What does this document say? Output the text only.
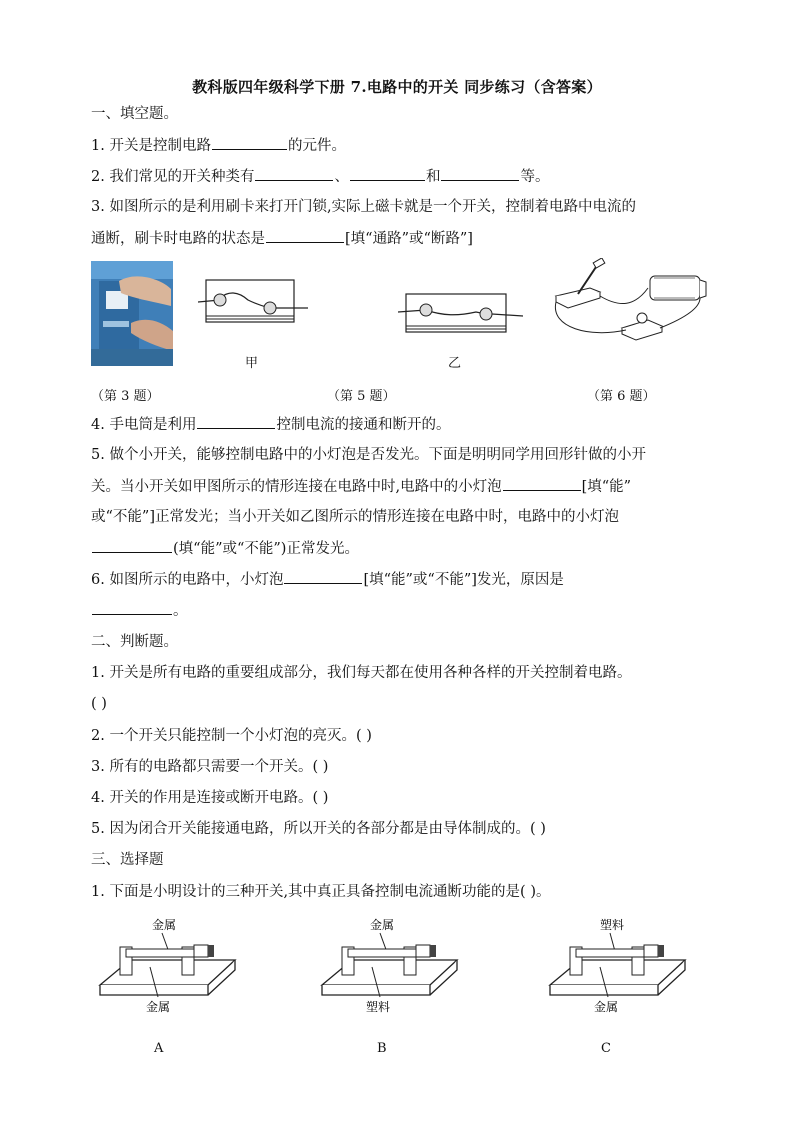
教科版四年级科学下册 7.电路中的开关 同步练习（含答案）
一、填空题。
1. 开关是控制电路	的元件。
2. 我们常见的开关种类有	、	和	等。
3. 如图所示的是利用刷卡来打开门锁,实际上磁卡就是一个开关，控制着电路中电流的
通断，刷卡时电路的状态是	[填“通路”或“断路”]
甲	乙
（第 3 题）	（第 5 题）	（第 6 题）
4. 手电筒是利用	控制电流的接通和断开的。
5. 做个小开关，能够控制电路中的小灯泡是否发光。下面是明明同学用回形针做的小开
关。当小开关如甲图所示的情形连接在电路中时,电路中的小灯泡	[填“能”
或“不能”]正常发光；当小开关如乙图所示的情形连接在电路中时，电路中的小灯泡
(填“能”或“不能”)正常发光。
6. 如图所示的电路中，小灯泡	[填“能”或“不能”]发光，原因是
。
二、判断题。
1. 开关是所有电路的重要组成部分，我们每天都在使用各种各样的开关控制着电路。
( )
2. 一个开关只能控制一个小灯泡的亮灭。( )
3. 所有的电路都只需要一个开关。( )
4. 开关的作用是连接或断开电路。( )
5. 因为闭合开关能接通电路，所以开关的各部分都是由导体制成的。( )
三、选择题
1. 下面是小明设计的三种开关,其中真正具备控制电流通断功能的是( )。
金属
金属
A
金属
塑料
B
塑料
金属
C
